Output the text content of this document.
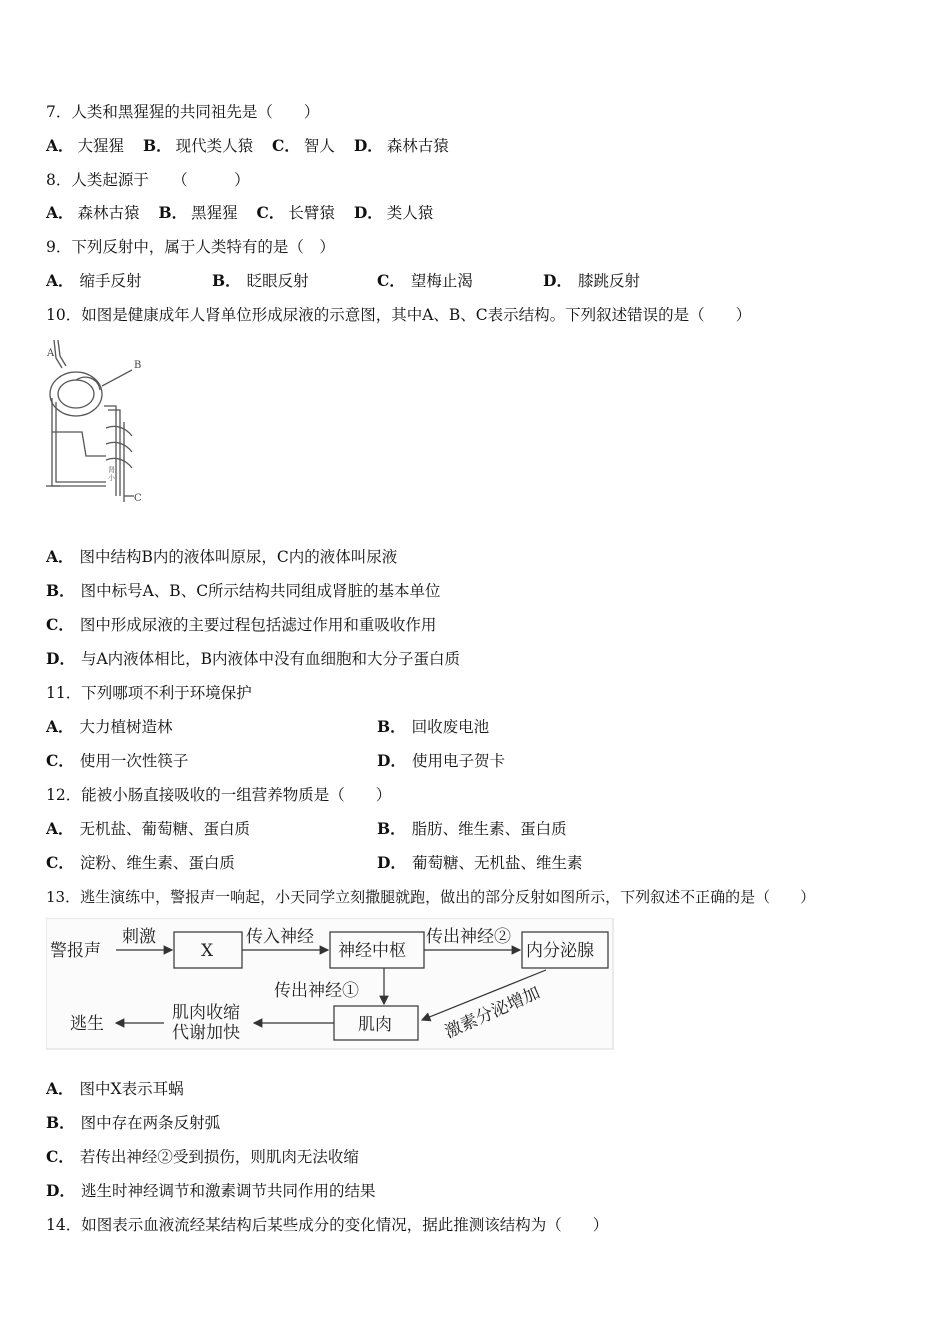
7．人类和黑猩猩的共同祖先是（　　）
A． 大猩猩 B． 现代类人猿 C． 智人 D． 森林古猿
8．人类起源于　　（　　　）
A． 森林古猿 B． 黑猩猩 C． 长臂猿 D． 类人猿
9．下列反射中，属于人类特有的是（　）
A． 缩手反射	B． 眨眼反射	C． 望梅止渴	D． 膝跳反射
10．如图是健康成年人肾单位形成尿液的示意图，其中A、B、C表示结构。下列叙述错误的是（　　）
肾
小
A
B
C
A． 图中结构B内的液体叫原尿，C内的液体叫尿液
B． 图中标号A、B、C所示结构共同组成肾脏的基本单位
C． 图中形成尿液的主要过程包括滤过作用和重吸收作用
D． 与A内液体相比，B内液体中没有血细胞和大分子蛋白质
11．下列哪项不利于环境保护
A． 大力植树造林	B． 回收废电池
C． 使用一次性筷子	D． 使用电子贺卡
12．能被小肠直接吸收的一组营养物质是（　　）
A． 无机盐、葡萄糖、蛋白质	B． 脂肪、维生素、蛋白质
C． 淀粉、维生素、蛋白质	D． 葡萄糖、无机盐、维生素
13．逃生演练中，警报声一响起，小天同学立刻撒腿就跑，做出的部分反射如图所示，下列叙述不正确的是（　　）
警报声
刺激
X
传入神经
神经中枢
传出神经②
内分泌腺
传出神经①
肌肉
肌肉收缩
代谢加快
逃生	激素分泌增加
A． 图中X表示耳蜗
B． 图中存在两条反射弧
C． 若传出神经②受到损伤，则肌肉无法收缩
D． 逃生时神经调节和激素调节共同作用的结果
14．如图表示血液流经某结构后某些成分的变化情况，据此推测该结构为（　　）
